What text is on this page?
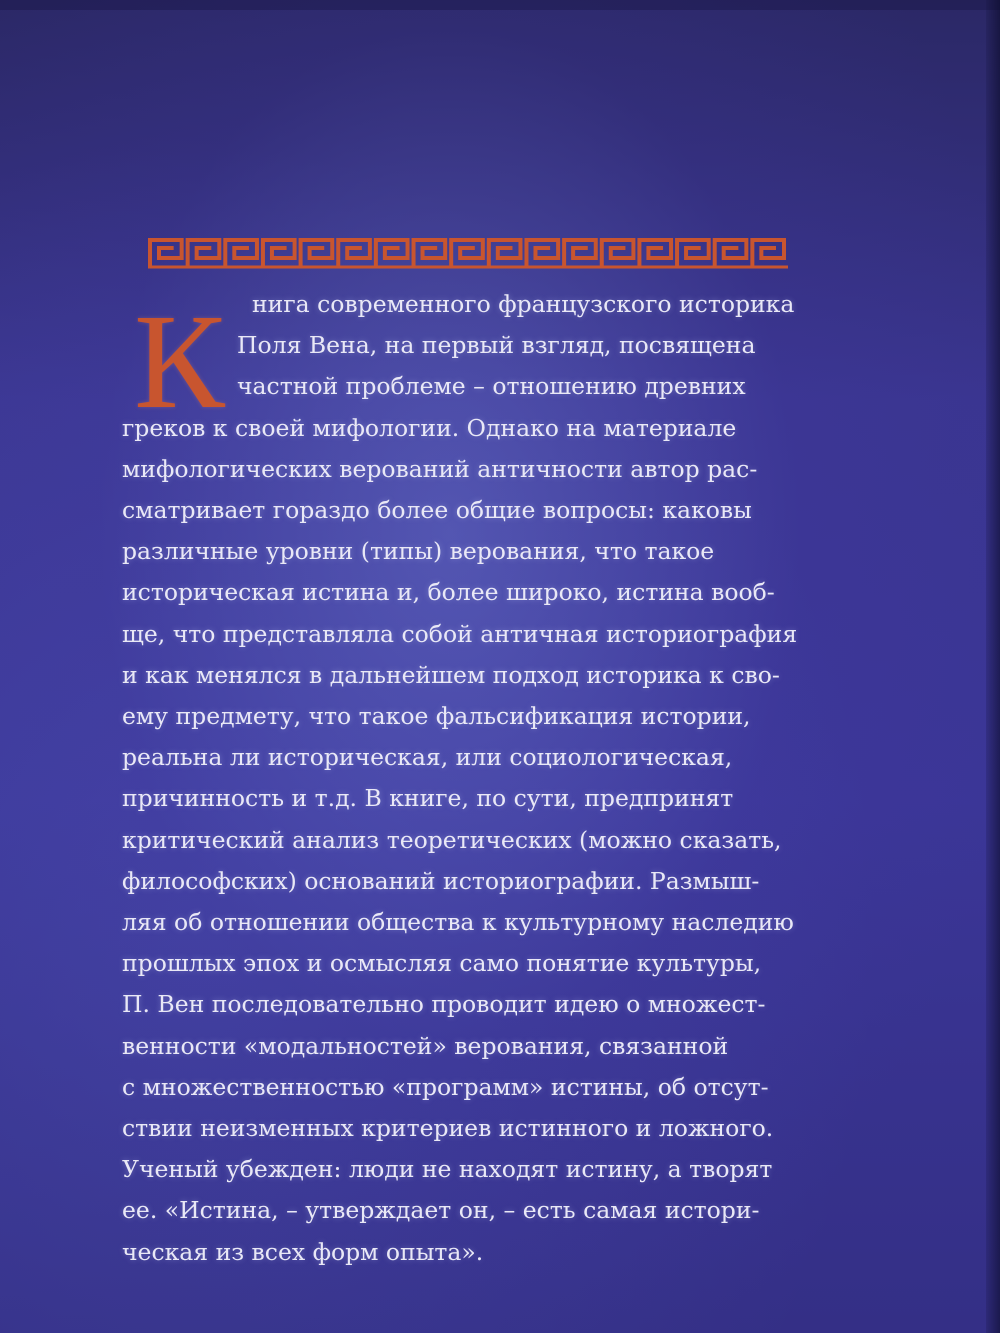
К нига современного французского историка
Поля Вена, на первый взгляд, посвящена
частной проблеме – отношению древних
греков к своей мифологии. Однако на материале
мифологических верований античности автор рас-
сматривает гораздо более общие вопросы: каковы
различные уровни (типы) верования, что такое
историческая истина и, более широко, истина вооб-
ще, что представляла собой античная историография
и как менялся в дальнейшем подход историка к сво-
ему предмету, что такое фальсификация истории,
реальна ли историческая, или социологическая,
причинность и т.д. В книге, по сути, предпринят
критический анализ теоретических (можно сказать,
философских) оснований историографии. Размыш-
ляя об отношении общества к культурному наследию
прошлых эпох и осмысляя само понятие культуры,
П. Вен последовательно проводит идею о множест-
венности «модальностей» верования, связанной
с множественностью «программ» истины, об отсут-
ствии неизменных критериев истинного и ложного.
Ученый убежден: люди не находят истину, а творят
ее. «Истина, – утверждает он, – есть самая истори-
ческая из всех форм опыта».
